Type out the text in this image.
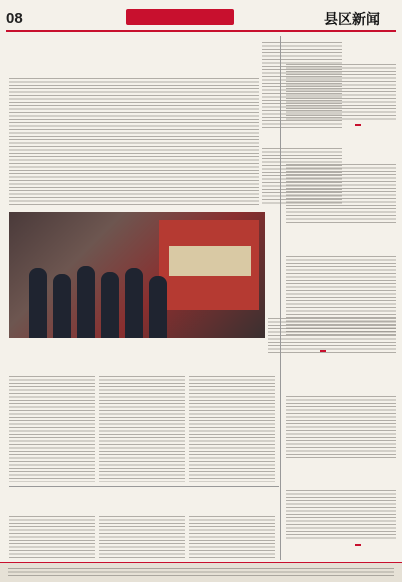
08	县区新闻
